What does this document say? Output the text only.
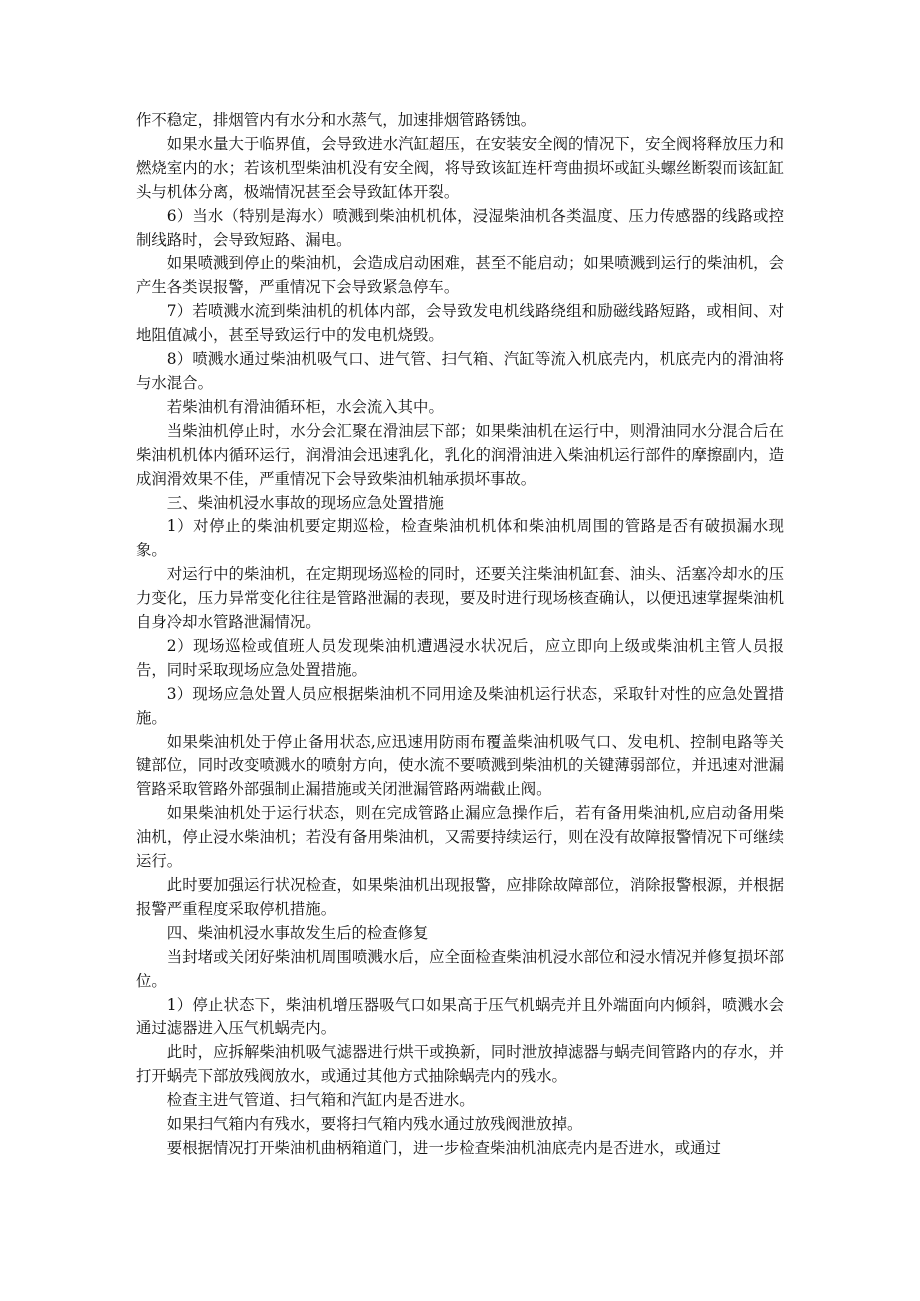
作不稳定，排烟管内有水分和水蒸气，加速排烟管路锈蚀。

如果水量大于临界值，会导致进水汽缸超压，在安装安全阀的情况下，安全阀将释放压力和燃烧室内的水；若该机型柴油机没有安全阀，将导致该缸连杆弯曲损坏或缸头螺丝断裂而该缸缸头与机体分离，极端情况甚至会导致缸体开裂。

6）当水（特别是海水）喷溅到柴油机机体，浸湿柴油机各类温度、压力传感器的线路或控制线路时，会导致短路、漏电。

如果喷溅到停止的柴油机，会造成启动困难，甚至不能启动；如果喷溅到运行的柴油机，会产生各类误报警，严重情况下会导致紧急停车。

7）若喷溅水流到柴油机的机体内部，会导致发电机线路绕组和励磁线路短路，或相间、对地阻值减小，甚至导致运行中的发电机烧毁。

8）喷溅水通过柴油机吸气口、进气管、扫气箱、汽缸等流入机底壳内，机底壳内的滑油将与水混合。

若柴油机有滑油循环柜，水会流入其中。

当柴油机停止时，水分会汇聚在滑油层下部；如果柴油机在运行中，则滑油同水分混合后在柴油机机体内循环运行，润滑油会迅速乳化，乳化的润滑油进入柴油机运行部件的摩擦副内，造成润滑效果不佳，严重情况下会导致柴油机轴承损坏事故。

三、柴油机浸水事故的现场应急处置措施

1）对停止的柴油机要定期巡检，检查柴油机机体和柴油机周围的管路是否有破损漏水现象。

对运行中的柴油机，在定期现场巡检的同时，还要关注柴油机缸套、油头、活塞冷却水的压力变化，压力异常变化往往是管路泄漏的表现，要及时进行现场核查确认，以便迅速掌握柴油机自身冷却水管路泄漏情况。

2）现场巡检或值班人员发现柴油机遭遇浸水状况后，应立即向上级或柴油机主管人员报告，同时采取现场应急处置措施。

3）现场应急处置人员应根据柴油机不同用途及柴油机运行状态，采取针对性的应急处置措施。

如果柴油机处于停止备用状态,应迅速用防雨布覆盖柴油机吸气口、发电机、控制电路等关键部位，同时改变喷溅水的喷射方向，使水流不要喷溅到柴油机的关键薄弱部位，并迅速对泄漏管路采取管路外部强制止漏措施或关闭泄漏管路两端截止阀。

如果柴油机处于运行状态，则在完成管路止漏应急操作后，若有备用柴油机,应启动备用柴油机，停止浸水柴油机；若没有备用柴油机，又需要持续运行，则在没有故障报警情况下可继续运行。

此时要加强运行状况检查，如果柴油机出现报警，应排除故障部位，消除报警根源，并根据报警严重程度采取停机措施。

四、柴油机浸水事故发生后的检查修复

当封堵或关闭好柴油机周围喷溅水后，应全面检查柴油机浸水部位和浸水情况并修复损坏部位。

1）停止状态下，柴油机增压器吸气口如果高于压气机蜗壳并且外端面向内倾斜，喷溅水会通过滤器进入压气机蜗壳内。

此时，应拆解柴油机吸气滤器进行烘干或换新，同时泄放掉滤器与蜗壳间管路内的存水，并打开蜗壳下部放残阀放水，或通过其他方式抽除蜗壳内的残水。

检查主进气管道、扫气箱和汽缸内是否进水。

如果扫气箱内有残水，要将扫气箱内残水通过放残阀泄放掉。

要根据情况打开柴油机曲柄箱道门，进一步检查柴油机油底壳内是否进水，或通过
